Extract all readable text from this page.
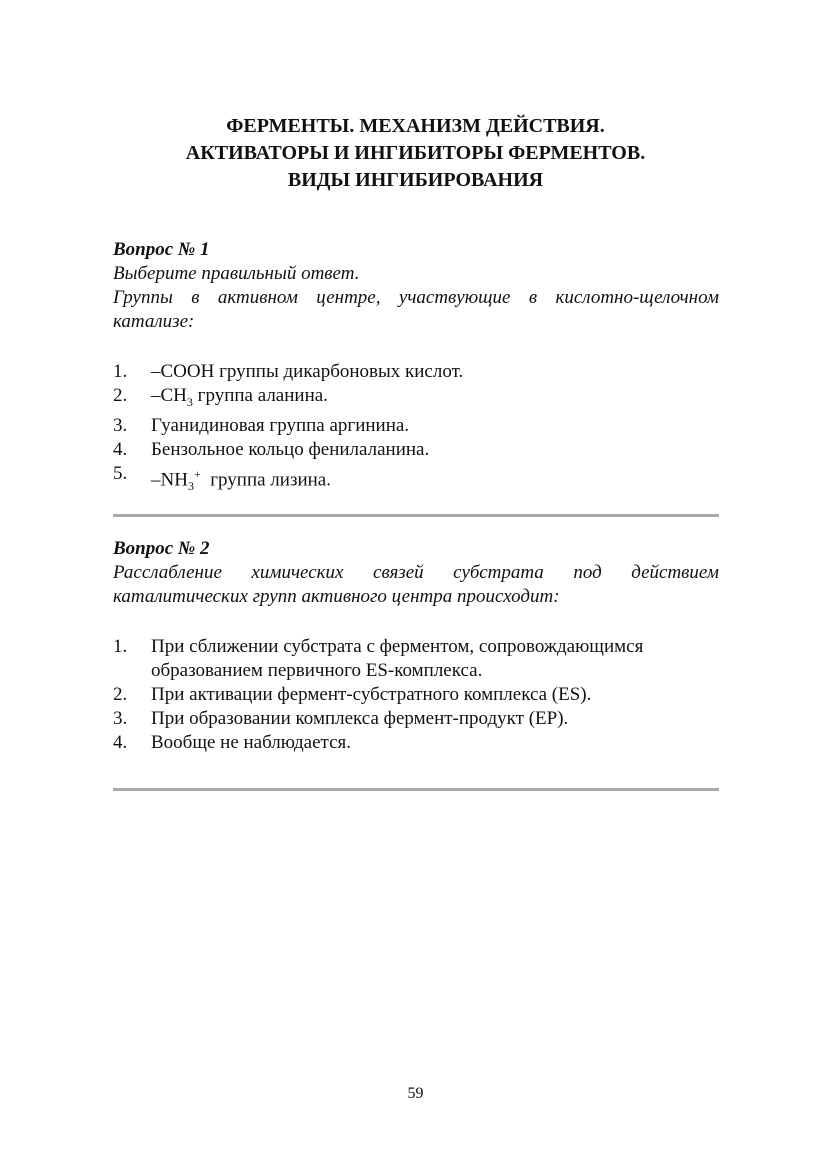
ФЕРМЕНТЫ. МЕХАНИЗМ ДЕЙСТВИЯ.
АКТИВАТОРЫ И ИНГИБИТОРЫ ФЕРМЕНТОВ.
ВИДЫ ИНГИБИРОВАНИЯ
Вопрос № 1
Выберите правильный ответ.
Группы в активном центре, участвующие в кислотно-щелочном катализе:
1.	–COOH группы дикарбоновых кислот.
2.	$-CH_3$ группа аланина.
3.	Гуанидиновая группа аргинина.
4.	Бензольное кольцо фенилаланина.
5.	$-NH_3^+$  группа лизина.
Вопрос № 2
Расслабление химических связей субстрата под действием каталитических групп активного центра происходит:
1.	При сближении субстрата с ферментом, сопровождающимся образованием первичного ES-комплекса.
2.	При активации фермент-субстратного комплекса (ES).
3.	При образовании комплекса фермент-продукт (EP).
4.	Вообще не наблюдается.
59
